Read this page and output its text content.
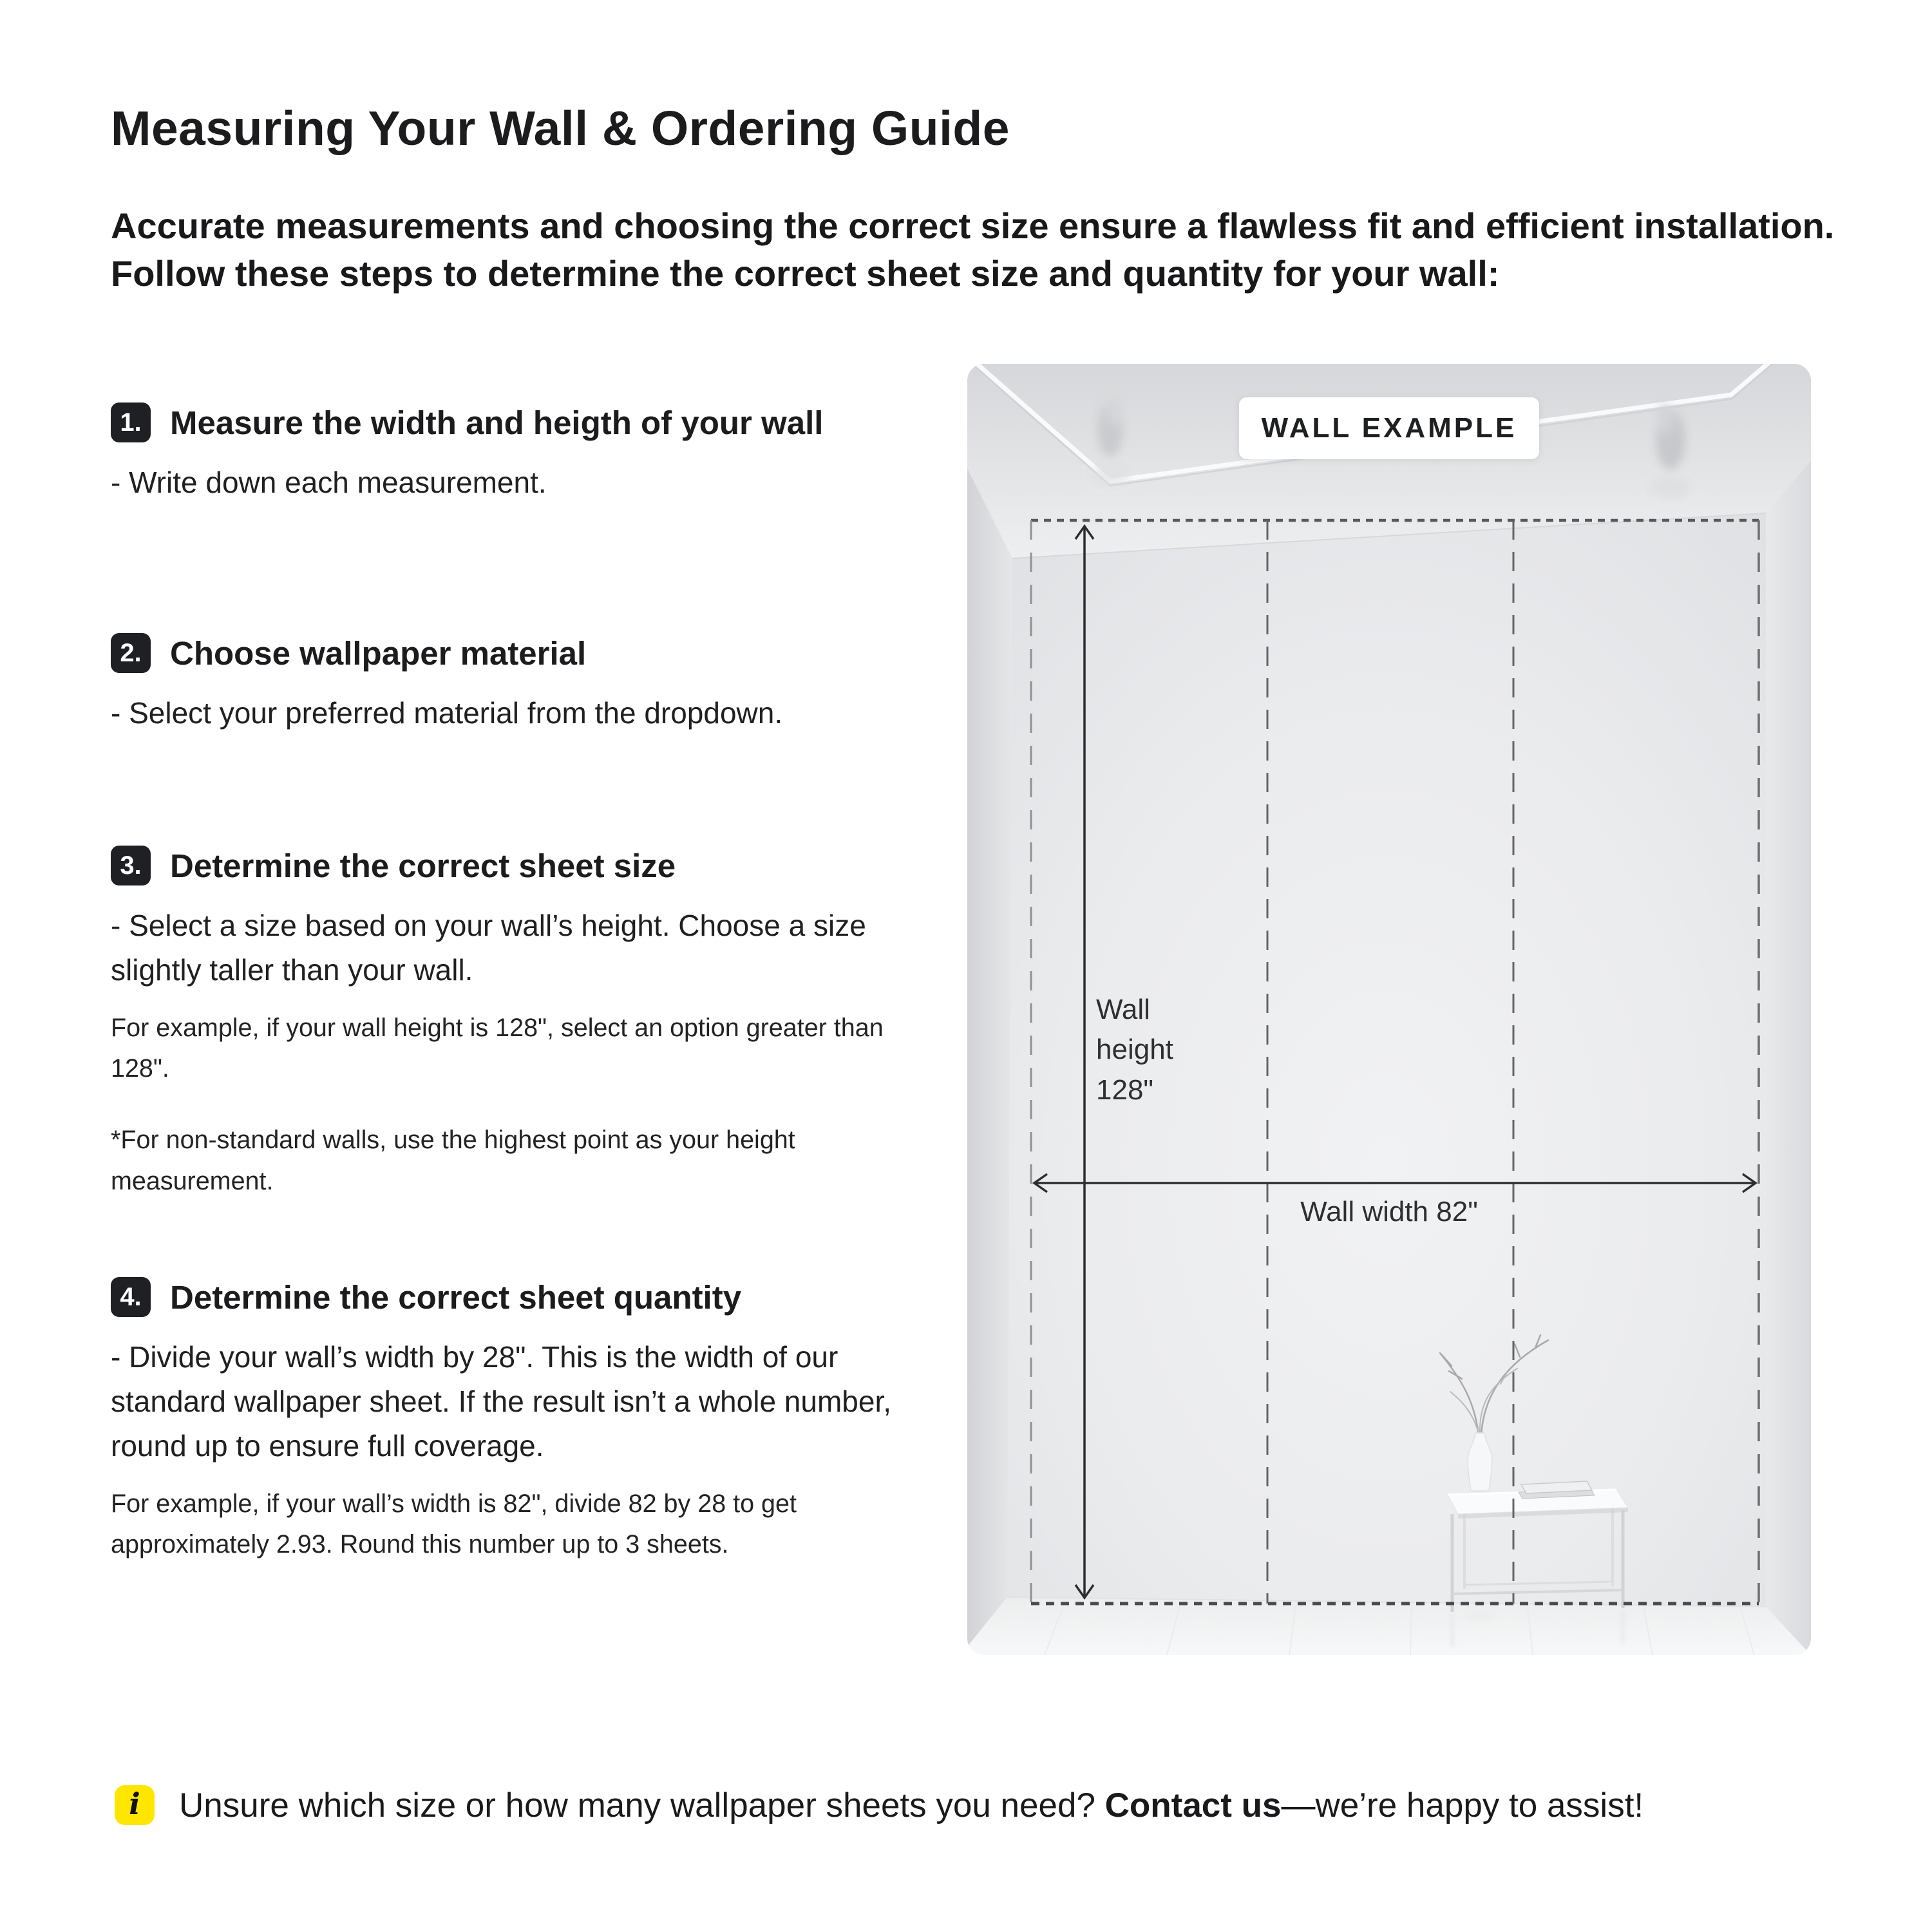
Measuring Your Wall & Ordering Guide
Accurate measurements and choosing the correct size ensure a flawless fit and efficient installation.
Follow these steps to determine the correct sheet size and quantity for your wall:
1. Measure the width and heigth of your wall
- Write down each measurement.
2. Choose wallpaper material
- Select your preferred material from the dropdown.
3. Determine the correct sheet size
- Select a size based on your wall’s height. Choose a size slightly taller than your wall.
For example, if your wall height is 128", select an option greater than 128".
*For non-standard walls, use the highest point as your height measurement.
4. Determine the correct sheet quantity
- Divide your wall’s width by 28". This is the width of our standard wallpaper sheet. If the result isn’t a whole number, round up to ensure full coverage.
For example, if your wall’s width is 82", divide 82 by 28 to get approximately 2.93. Round this number up to 3 sheets.
WALL EXAMPLE
Wall
height
128"
Wall width 82"
i Unsure which size or how many wallpaper sheets you need? Contact us—we’re happy to assist!
